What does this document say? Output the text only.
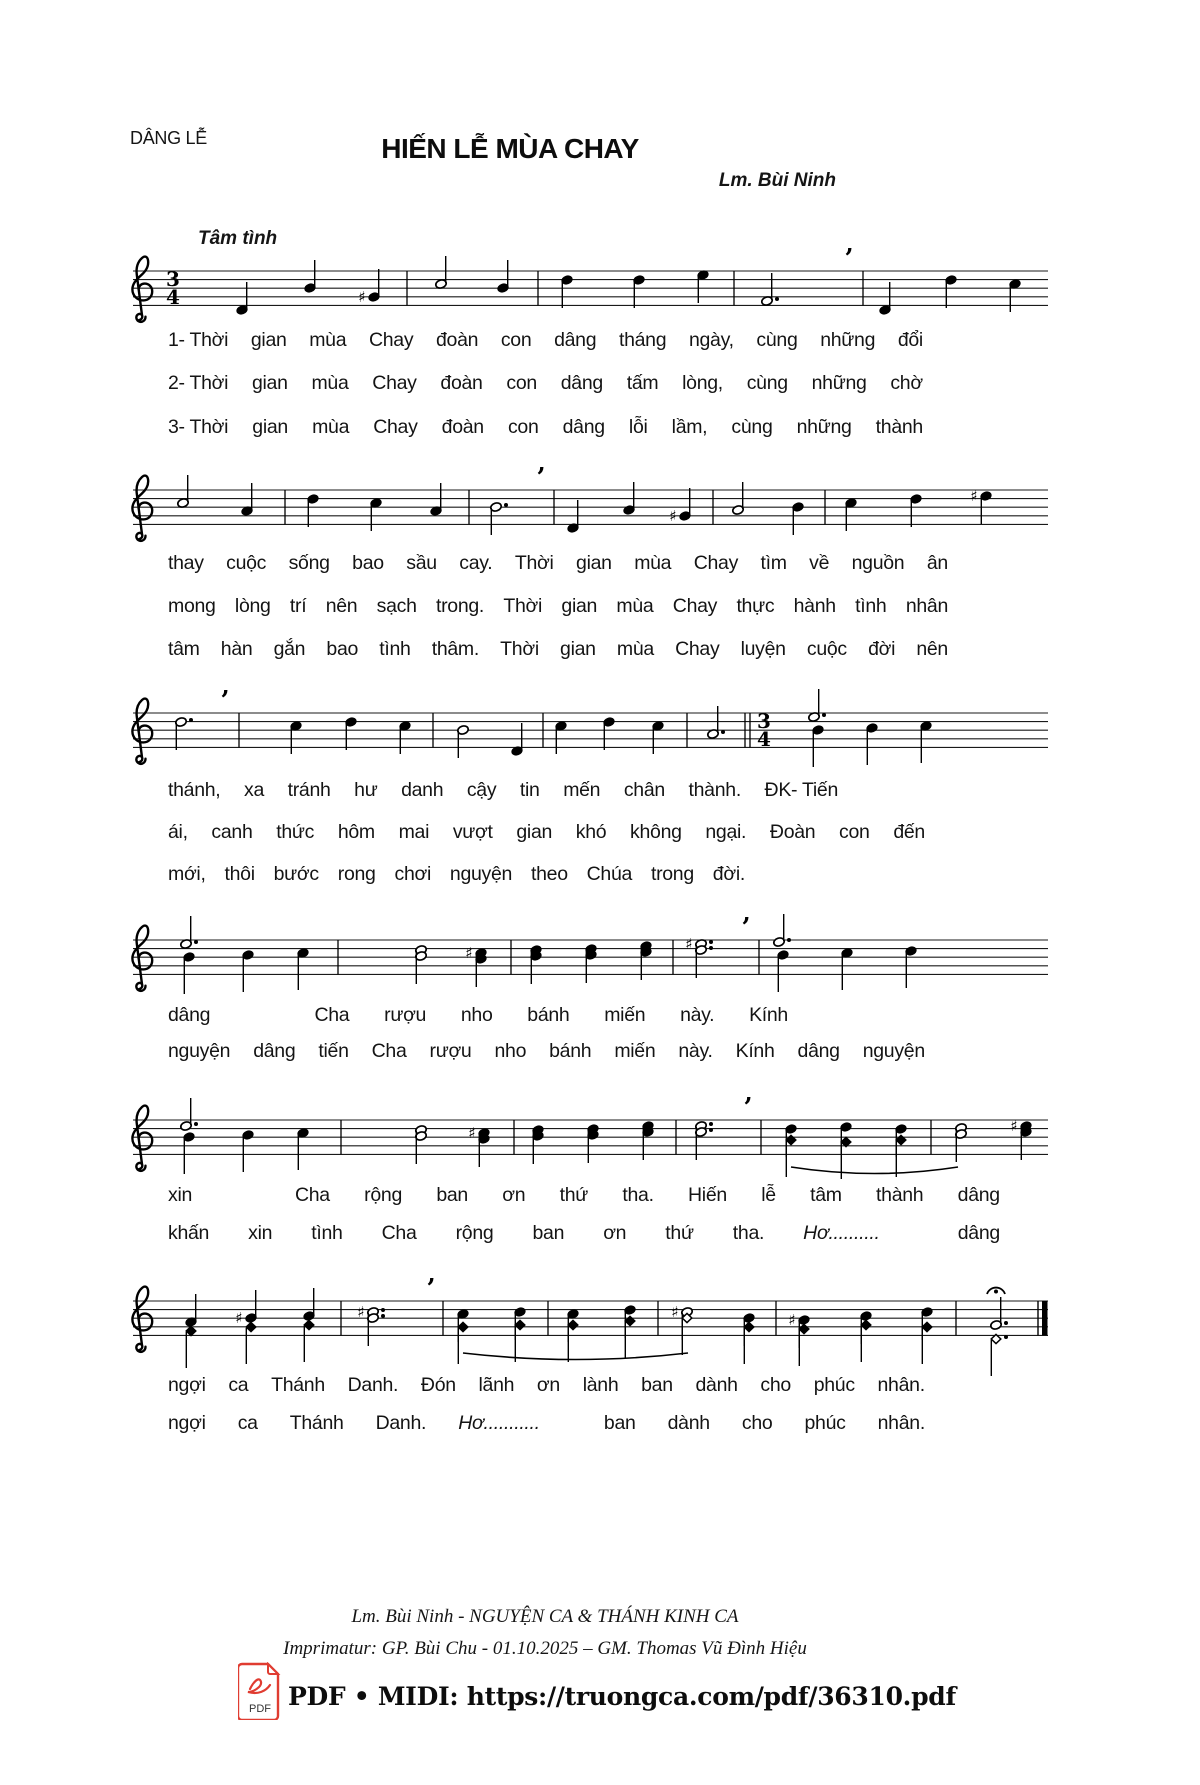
DÂNG LỄ	HIẾN LỄ MÙA CHAY
Lm. Bùi Ninh
Tâm tình
3
4	♯
’
’
♯
♯
’
3
4
♯	♯
’
♯
’
♯
♯	♯
’
♯	♯
1- Thời gian mùa Chay đoàn con dâng tháng ngày, cùng những đổi
2- Thời gian mùa Chay đoàn con dâng tấm lòng, cùng những chờ
3- Thời gian mùa Chay đoàn con dâng lỗi lầm, cùng những thành
thay cuộc sống bao sầu cay. Thời gian mùa Chay tìm về nguồn ân
mong lòng trí nên sạch trong. Thời gian mùa Chay thực hành tình nhân
tâm hàn gắn bao tình thâm. Thời gian mùa Chay luyện cuộc đời nên
thánh, xa tránh hư danh cậy tin mến chân thành. ĐK- Tiến
ái, canh thức hôm mai vượt gian khó không ngại. Đoàn con đến
mới, thôi bước rong chơi nguyện theo Chúa trong đời.
dâng	Cha rượu nho bánh miến này. Kính
nguyện dâng tiến Cha rượu nho bánh miến này. Kính dâng nguyện
xin	Cha rộng ban ơn thứ tha. Hiến lễ tâm thành dâng
khấn xin tình Cha rộng ban ơn thứ tha. Hơ..........	dâng
ngợi ca Thánh Danh. Đón lãnh ơn lành ban dành cho phúc nhân.
ngợi ca Thánh Danh. Hơ...........	ban dành cho phúc nhân.
Lm. Bùi Ninh - NGUYỆN CA & THÁNH KINH CA
Imprimatur: GP. Bùi Chu - 01.10.2025 – GM. Thomas Vũ Đình Hiệu
PDF PDF • MIDI: https://truongca.com/pdf/36310.pdf
